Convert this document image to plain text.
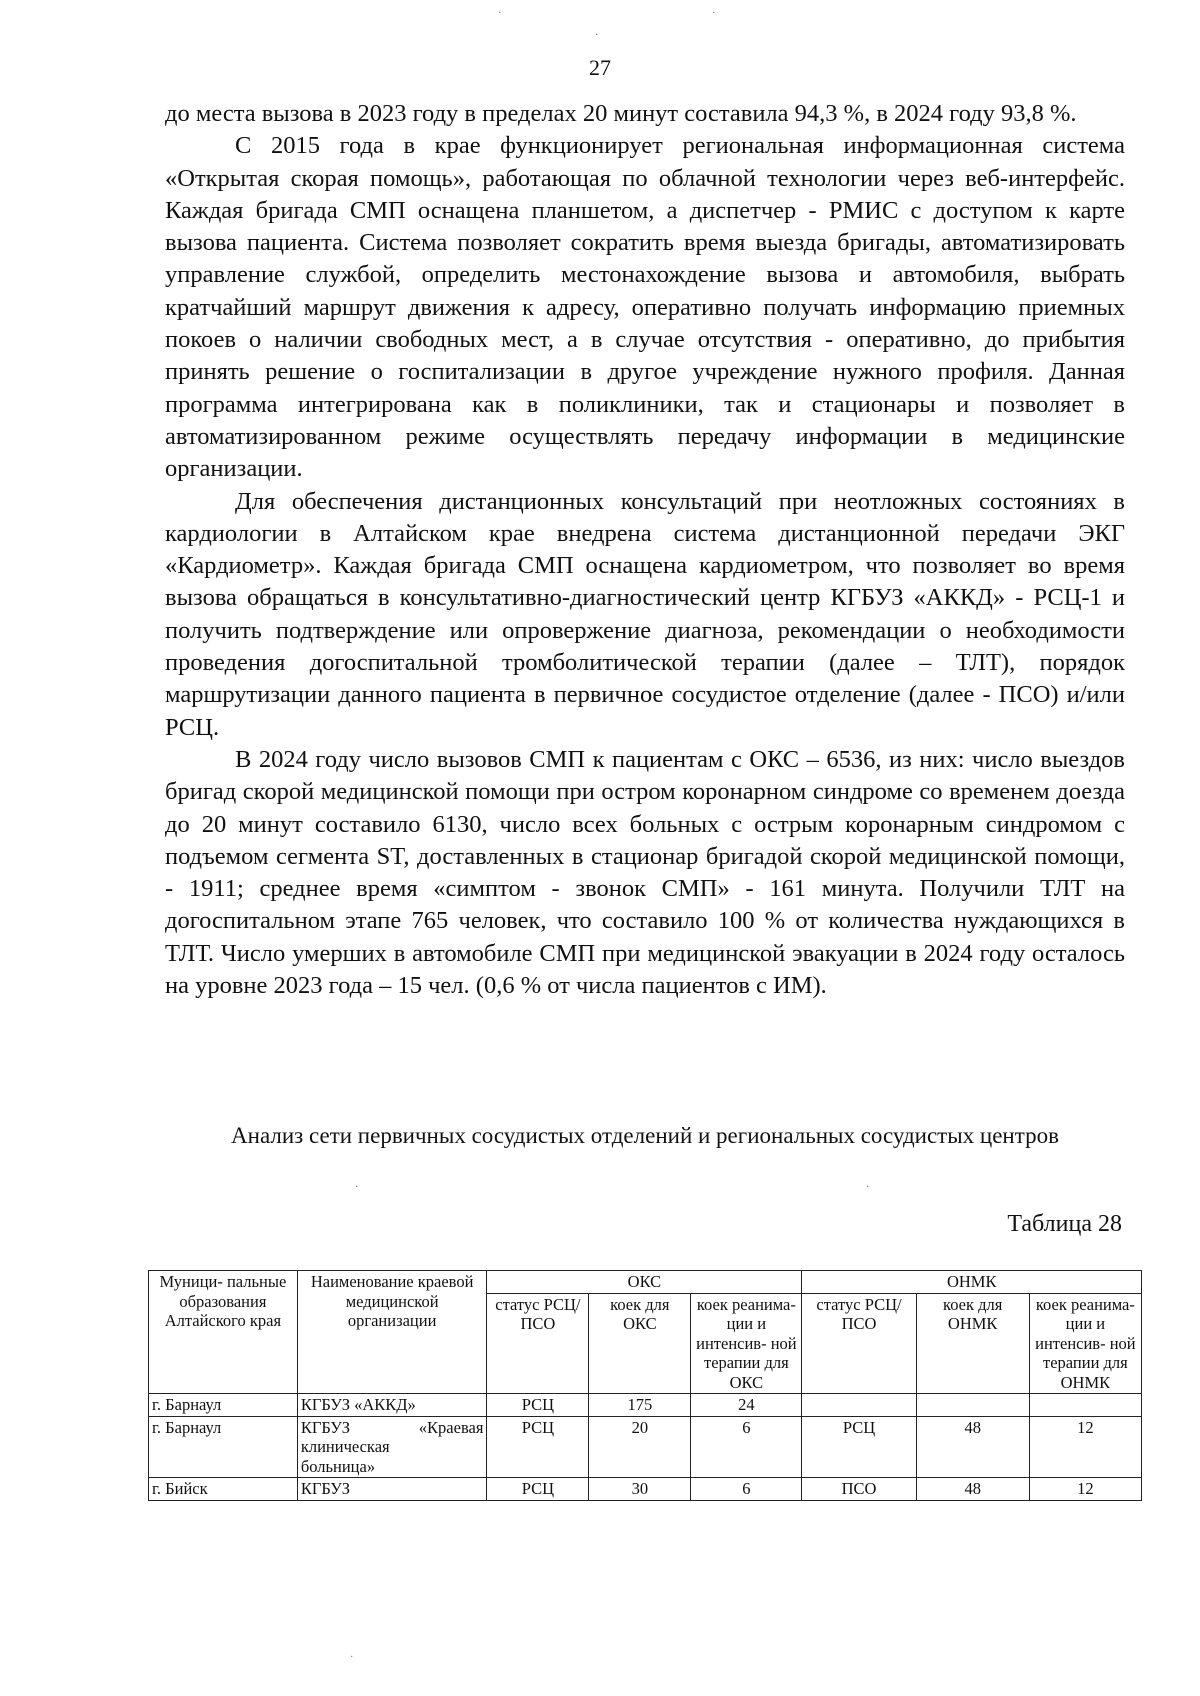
27

до места вызова в 2023 году в пределах 20 минут составила 94,3 %, в 2024 году 93,8 %.

С 2015 года в крае функционирует региональная информационная система «Открытая скорая помощь», работающая по облачной технологии через веб-интерфейс. Каждая бригада СМП оснащена планшетом, а диспетчер - РМИС с доступом к карте вызова пациента. Система позволяет сократить время выезда бригады, автоматизировать управление службой, определить местонахождение вызова и автомобиля, выбрать кратчайший маршрут движения к адресу, оперативно получать информацию приемных покоев о наличии свободных мест, а в случае отсутствия - оперативно, до прибытия принять решение о госпитализации в другое учреждение нужного профиля. Данная программа интегрирована как в поликлиники, так и стационары и позволяет в автоматизированном режиме осуществлять передачу информации в медицинские организации.

Для обеспечения дистанционных консультаций при неотложных состояниях в кардиологии в Алтайском крае внедрена система дистанционной передачи ЭКГ «Кардиометр». Каждая бригада СМП оснащена кардиометром, что позволяет во время вызова обращаться в консультативно-диагностический центр КГБУЗ «АККД» - РСЦ-1 и получить подтверждение или опровержение диагноза, рекомендации о необходимости проведения догоспитальной тромболитической терапии (далее – ТЛТ), порядок маршрутизации данного пациента в первичное сосудистое отделение (далее - ПСО) и/или РСЦ.

В 2024 году число вызовов СМП к пациентам с ОКС – 6536, из них: число выездов бригад скорой медицинской помощи при остром коронарном синдроме со временем доезда до 20 минут составило 6130, число всех больных с острым коронарным синдромом с подъемом сегмента ST, доставленных в стационар бригадой скорой медицинской помощи, - 1911; среднее время «симптом - звонок СМП» - 161 минута. Получили ТЛТ на догоспитальном этапе 765 человек, что составило 100 % от количества нуждающихся в ТЛТ. Число умерших в автомобиле СМП при медицинской эвакуации в 2024 году осталось на уровне 2023 года – 15 чел. (0,6 % от числа пациентов с ИМ).

Анализ сети первичных сосудистых отделений и региональных сосудистых центров
Таблица 28
Муници- пальные образования Алтайского края	Наименование краевой медицинской организации	ОКС			ОНМК		
		статус РСЦ/ПСО	коек для ОКС	коек реанима- ции и интенсив- ной терапии для ОКС	статус РСЦ/ПСО	коек для ОНМК	коек реанима- ции и интенсив- ной терапии для ОНМК
г. Барнаул	КГБУЗ «АККД»	РСЦ	175	24			
г. Барнаул	КГБУЗ «Краевая
клиническая больница»	РСЦ	20	6	РСЦ	48	12
г. Бийск	КГБУЗ	РСЦ	30	6	ПСО	48	12
·	·
·
·	·
·
